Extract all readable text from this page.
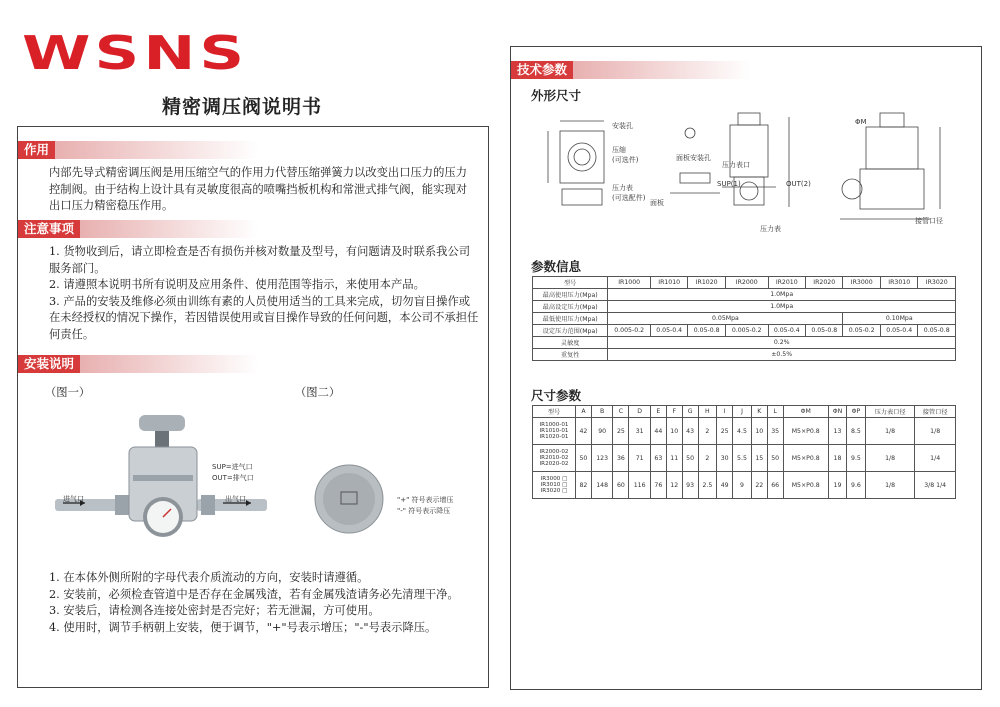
WSNS
精密调压阀说明书
作用
内部先导式精密调压阀是用压缩空气的作用力代替压缩弹簧力以改变出口压力的压力控制阀。由于结构上设计具有灵敏度很高的喷嘴挡板机构和常泄式排气阀，能实现对出口压力精密稳压作用。
注意事项
1. 货物收到后，请立即检查是否有损伤并核对数量及型号，有问题请及时联系我公司服务部门。
2. 请遵照本说明书所有说明及应用条件、使用范围等指示，来使用本产品。
3. 产品的安装及维修必须由训练有素的人员使用适当的工具来完成，切勿盲目操作或在未经授权的情况下操作，若因错误使用或盲目操作导致的任何问题，本公司不承担任何责任。
安装说明
（图一）	（图二）
进气口	出气口
SUP=进气口
OUT=排气口
"+" 符号表示增压
"-" 符号表示降压
1. 在本体外侧所附的字母代表介质流动的方向，安装时请遵循。
2. 安装前，必须检查管道中是否存在金属残渣，若有金属残渣请务必先清理干净。
3. 安装后，请检测各连接处密封是否完好；若无泄漏，方可使用。
4. 使用时，调节手柄朝上安装，便于调节，"+"号表示增压；"-"号表示降压。
技术参数
外形尺寸
安装孔
压缩
(可选件)
压力表
(可选配件)
面板
面板安装孔
SUP(1)	OUT(2)
压力表口
压力表
接管口径
ΦM
参数信息
型号	IR1000	IR1010	IR1020	IR2000	IR2010	IR2020	IR3000	IR3010	IR3020
最高使用压力(Mpa)	1.0Mpa								
最高设定压力(Mpa)	1.0Mpa								
最低使用压力(Mpa)	0.05Mpa						0.10Mpa		
设定压力范围(Mpa)	0.005-0.2	0.05-0.4	0.05-0.8	0.005-0.2	0.05-0.4	0.05-0.8	0.05-0.2	0.05-0.4	0.05-0.8
灵敏度	0.2%								
重复性	±0.5%								
尺寸参数
型号	A	B	C	D	E	F	G	H	I	J	K	L	ΦM	ΦN	ΦP	压力表口径	接管口径
IR1000-01 IR1010-01 IR1020-01	42	90	25	31	44	10	43	2	25	4.5	10	35	M5×P0.8	13	8.5	1/8	1/8
IR2000-02 IR2010-02 IR2020-02	50	123	36	71	63	11	50	2	30	5.5	15	50	M5×P0.8	18	9.5	1/8	1/4
IR3000 □ IR3010 □ IR3020 □	82	148	60	116	76	12	93	2.5	49	9	22	66	M5×P0.8	19	9.6	1/8	3/8 1/4
